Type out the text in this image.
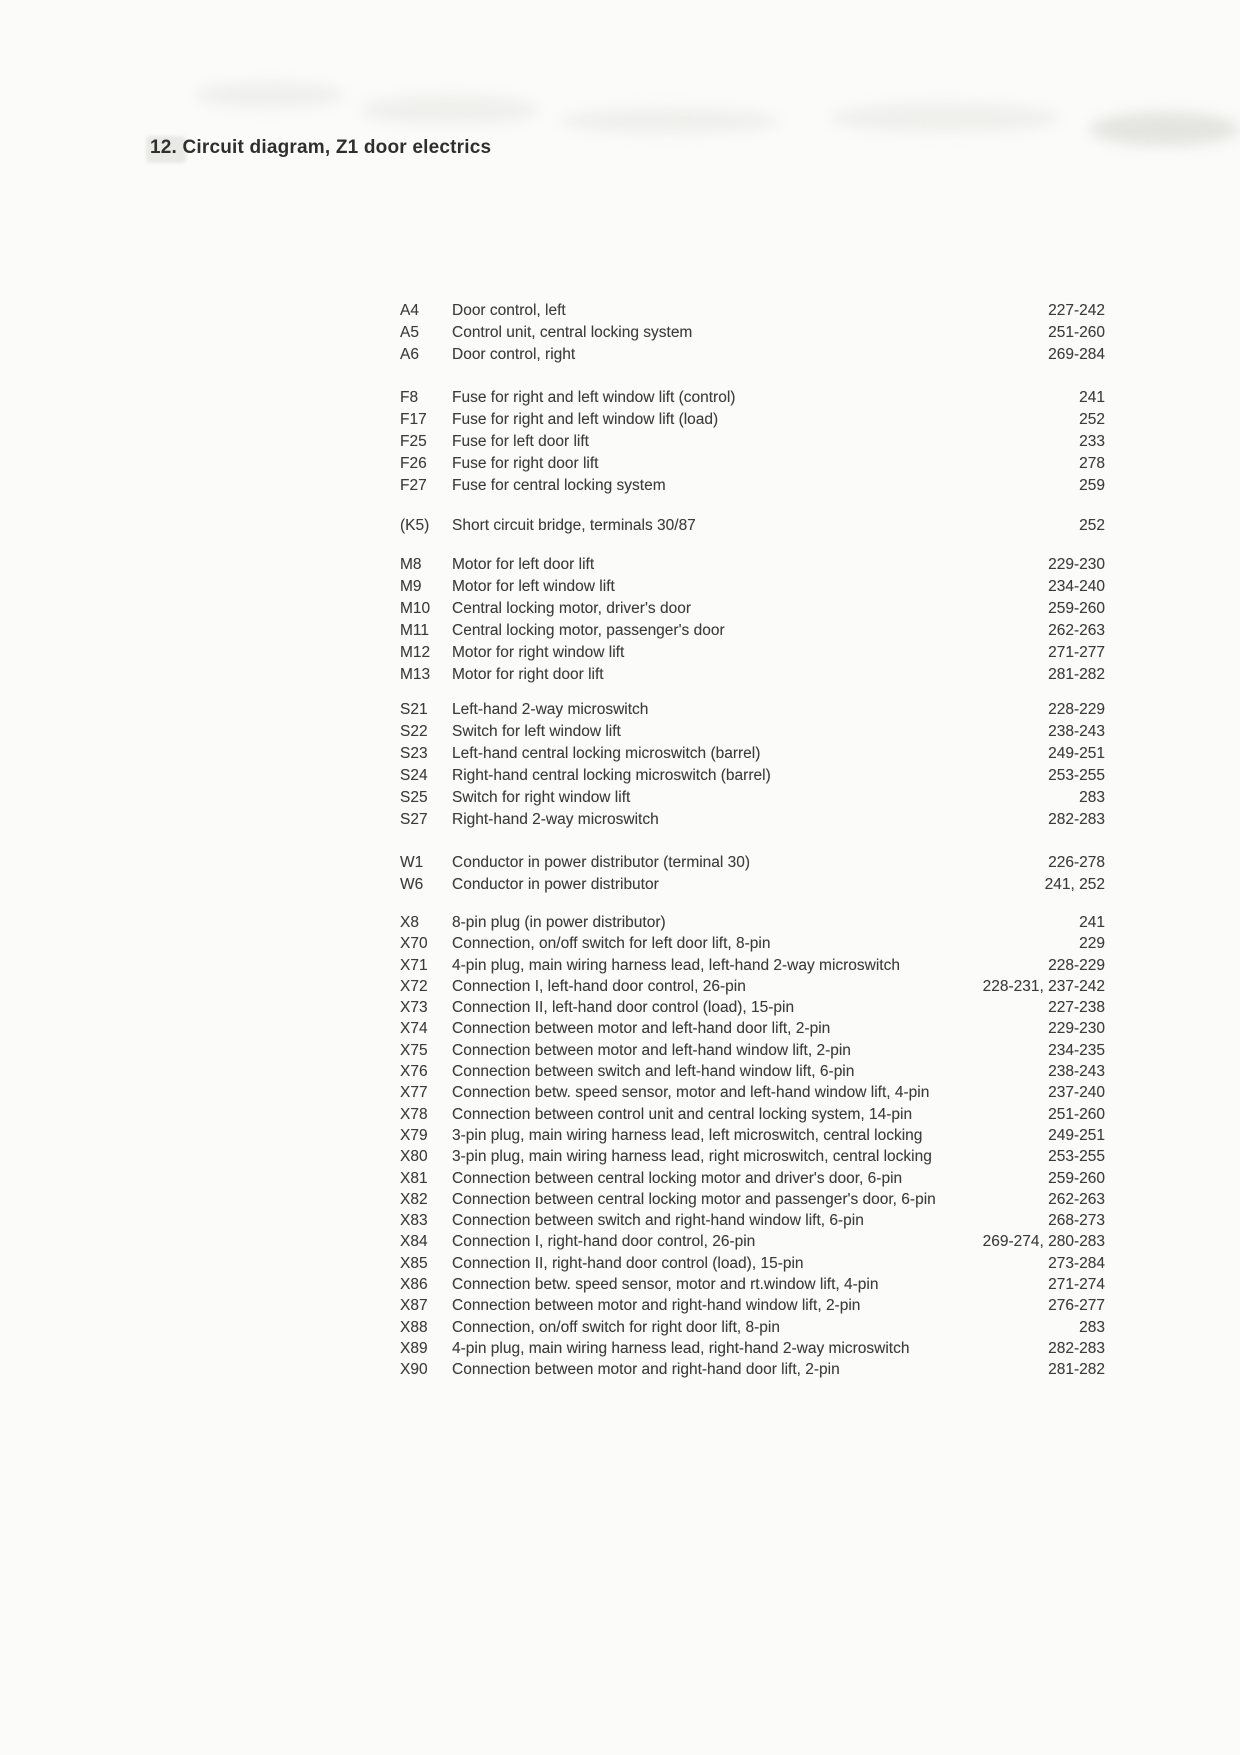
12. Circuit diagram, Z1 door electrics
A4	Door control, left	227-242
A5	Control unit, central locking system	251-260
A6	Door control, right	269-284
F8	Fuse for right and left window lift (control)	241
F17	Fuse for right and left window lift (load)	252
F25	Fuse for left door lift	233
F26	Fuse for right door lift	278
F27	Fuse for central locking system	259
(K5)	Short circuit bridge, terminals 30/87	252
M8	Motor for left door lift	229-230
M9	Motor for left window lift	234-240
M10	Central locking motor, driver's door	259-260
M11	Central locking motor, passenger's door	262-263
M12	Motor for right window lift	271-277
M13	Motor for right door lift	281-282
S21	Left-hand 2-way microswitch	228-229
S22	Switch for left window lift	238-243
S23	Left-hand central locking microswitch (barrel)	249-251
S24	Right-hand central locking microswitch (barrel)	253-255
S25	Switch for right window lift	283
S27	Right-hand 2-way microswitch	282-283
W1	Conductor in power distributor (terminal 30)	226-278
W6	Conductor in power distributor	241, 252
X8	8-pin plug (in power distributor)	241
X70	Connection, on/off switch for left door lift, 8-pin	229
X71	4-pin plug, main wiring harness lead, left-hand 2-way microswitch	228-229
X72	Connection I, left-hand door control, 26-pin	228-231, 237-242
X73	Connection II, left-hand door control (load), 15-pin	227-238
X74	Connection between motor and left-hand door lift, 2-pin	229-230
X75	Connection between motor and left-hand window lift, 2-pin	234-235
X76	Connection between switch and left-hand window lift, 6-pin	238-243
X77	Connection betw. speed sensor, motor and left-hand window lift, 4-pin	237-240
X78	Connection between control unit and central locking system, 14-pin	251-260
X79	3-pin plug, main wiring harness lead, left microswitch, central locking	249-251
X80	3-pin plug, main wiring harness lead, right microswitch, central locking	253-255
X81	Connection between central locking motor and driver's door, 6-pin	259-260
X82	Connection between central locking motor and passenger's door, 6-pin	262-263
X83	Connection between switch and right-hand window lift, 6-pin	268-273
X84	Connection I, right-hand door control, 26-pin	269-274, 280-283
X85	Connection II, right-hand door control (load), 15-pin	273-284
X86	Connection betw. speed sensor, motor and rt.window lift, 4-pin	271-274
X87	Connection between motor and right-hand window lift, 2-pin	276-277
X88	Connection, on/off switch for right door lift, 8-pin	283
X89	4-pin plug, main wiring harness lead, right-hand 2-way microswitch	282-283
X90	Connection between motor and right-hand door lift, 2-pin	281-282
